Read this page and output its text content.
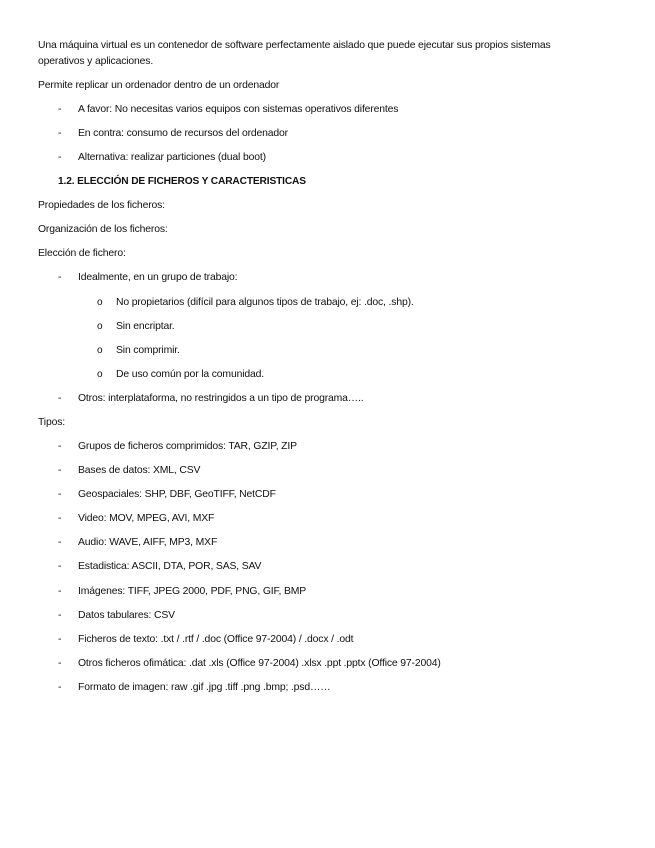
Una máquina virtual es un contenedor de software perfectamente aislado que puede ejecutar sus propios sistemas
operativos y aplicaciones.
Permite replicar un ordenador dentro de un ordenador
- A favor: No necesitas varios equipos con sistemas operativos diferentes
- En contra: consumo de recursos del ordenador
- Alternativa: realizar particiones (dual boot)
1.2. ELECCIÓN DE FICHEROS Y CARACTERISTICAS
Propiedades de los ficheros:
Organización de los ficheros:
Elección de fichero:
- Idealmente, en un grupo de trabajo:
o No propietarios (difícil para algunos tipos de trabajo, ej: .doc, .shp).
o Sin encriptar.
o Sin comprimir.
o De uso común por la comunidad.
- Otros: interplataforma, no restringidos a un tipo de programa…..
Tipos:
- Grupos de ficheros comprimidos: TAR, GZIP, ZIP
- Bases de datos: XML, CSV
- Geospaciales: SHP, DBF, GeoTIFF, NetCDF
- Video: MOV, MPEG, AVI, MXF
- Audio: WAVE, AIFF, MP3, MXF
- Estadistica: ASCII, DTA, POR, SAS, SAV
- Imágenes: TIFF, JPEG 2000, PDF, PNG, GIF, BMP
- Datos tabulares: CSV
- Ficheros de texto: .txt / .rtf / .doc (Office 97-2004) / .docx / .odt
- Otros ficheros ofimática: .dat .xls (Office 97-2004) .xlsx .ppt .pptx (Office 97-2004)
- Formato de imagen: raw .gif .jpg .tiff .png .bmp; .psd……
